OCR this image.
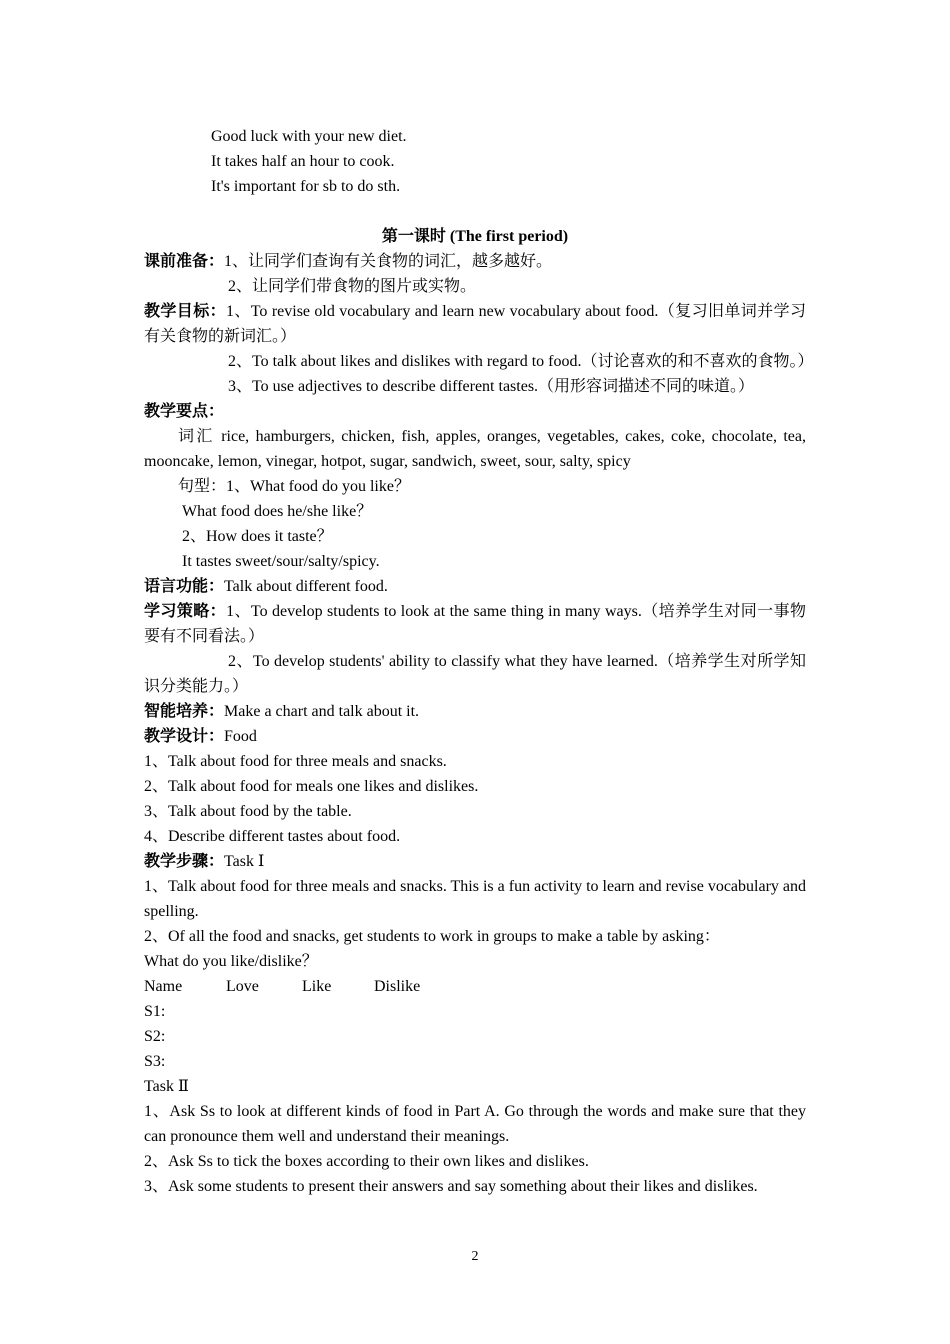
Good luck with your new diet.
It takes half an hour to cook.
It's important for sb to do sth.
第一课时 (The first period)
课前准备：1、让同学们查询有关食物的词汇，越多越好。
2、让同学们带食物的图片或实物。
教学目标：1、To revise old vocabulary and learn new vocabulary about food.（复习旧单词并学习有关食物的新词汇。）
2、To talk about likes and dislikes with regard to food.（讨论喜欢的和不喜欢的食物。）
3、To use adjectives to describe different tastes.（用形容词描述不同的味道。）
教学要点：
词汇 rice, hamburgers, chicken, fish, apples, oranges, vegetables, cakes, coke, chocolate, tea, mooncake, lemon, vinegar, hotpot, sugar, sandwich, sweet, sour, salty, spicy
句型：1、What food do you like？
What food does he/she like？
2、How does it taste？
It tastes sweet/sour/salty/spicy.
语言功能：Talk about different food.
学习策略：1、To develop students to look at the same thing in many ways.（培养学生对同一事物要有不同看法。）
2、To develop students' ability to classify what they have learned.（培养学生对所学知识分类能力。）
智能培养：Make a chart and talk about it.
教学设计：Food
1、Talk about food for three meals and snacks.
2、Talk about food for meals one likes and dislikes.
3、Talk about food by the table.
4、Describe different tastes about food.
教学步骤：Task Ⅰ
1、Talk about food for three meals and snacks. This is a fun activity to learn and revise vocabulary and spelling.
2、Of all the food and snacks, get students to work in groups to make a table by asking：
What do you like/dislike？
Name	Love	Like	Dislike
S1:
S2:
S3:
Task Ⅱ
1、Ask Ss to look at different kinds of food in Part A. Go through the words and make sure that they can pronounce them well and understand their meanings.
2、Ask Ss to tick the boxes according to their own likes and dislikes.
3、Ask some students to present their answers and say something about their likes and dislikes.
2
